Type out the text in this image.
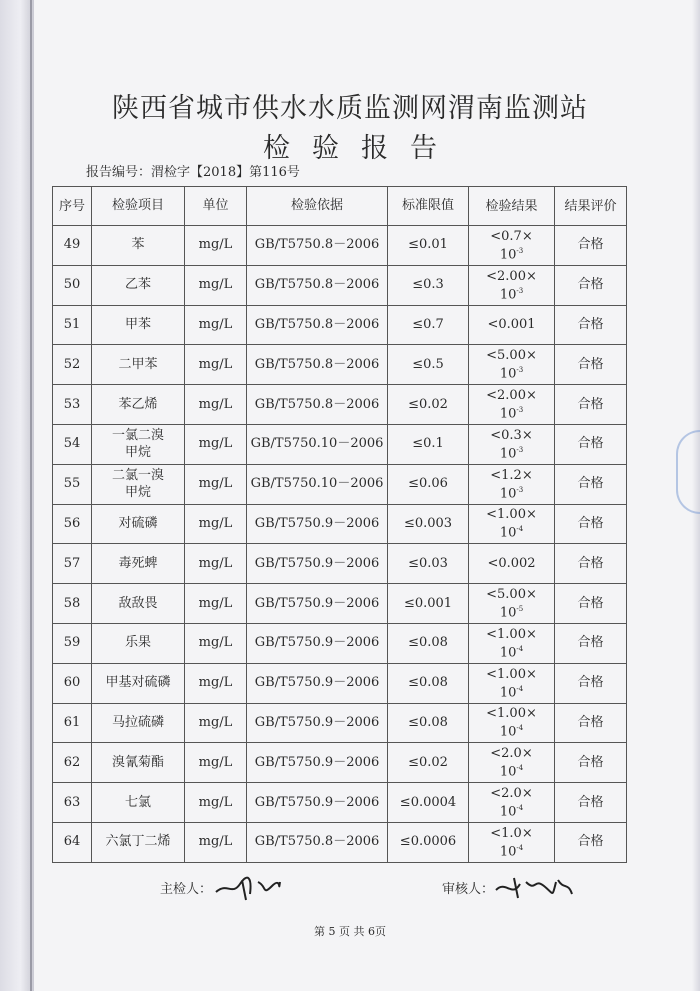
陕西省城市供水水质监测网渭南监测站
检验报告
报告编号：渭检字【2018】第116号
序号	检验项目	单位	检验依据	标准限值	检验结果	结果评价
49	苯	mg/L	GB/T5750.8－2006	≤0.01	<0.7×
$10^{-3}$	合格
50	乙苯	mg/L	GB/T5750.8－2006	≤0.3	<2.00×
$10^{-3}$	合格
51	甲苯	mg/L	GB/T5750.8－2006	≤0.7	<0.001	合格
52	二甲苯	mg/L	GB/T5750.8－2006	≤0.5	<5.00×
$10^{-3}$	合格
53	苯乙烯	mg/L	GB/T5750.8－2006	≤0.02	<2.00×
$10^{-3}$	合格
54	一氯二溴甲烷	mg/L	GB/T5750.10－2006	≤0.1	<0.3×
$10^{-3}$	合格
55	二氯一溴甲烷	mg/L	GB/T5750.10－2006	≤0.06	<1.2×
$10^{-3}$	合格
56	对硫磷	mg/L	GB/T5750.9－2006	≤0.003	<1.00×
$10^{-4}$	合格
57	毒死蜱	mg/L	GB/T5750.9－2006	≤0.03	<0.002	合格
58	敌敌畏	mg/L	GB/T5750.9－2006	≤0.001	<5.00×
$10^{-5}$	合格
59	乐果	mg/L	GB/T5750.9－2006	≤0.08	<1.00×
$10^{-4}$	合格
60	甲基对硫磷	mg/L	GB/T5750.9－2006	≤0.08	<1.00×
$10^{-4}$	合格
61	马拉硫磷	mg/L	GB/T5750.9－2006	≤0.08	<1.00×
$10^{-4}$	合格
62	溴氰菊酯	mg/L	GB/T5750.9－2006	≤0.02	<2.0×
$10^{-4}$	合格
63	七氯	mg/L	GB/T5750.9－2006	≤0.0004	<2.0×
$10^{-4}$	合格
64	六氯丁二烯	mg/L	GB/T5750.8－2006	≤0.0006	<1.0×
$10^{-4}$	合格
主检人：	审核人：
第 5 页 共 6页
